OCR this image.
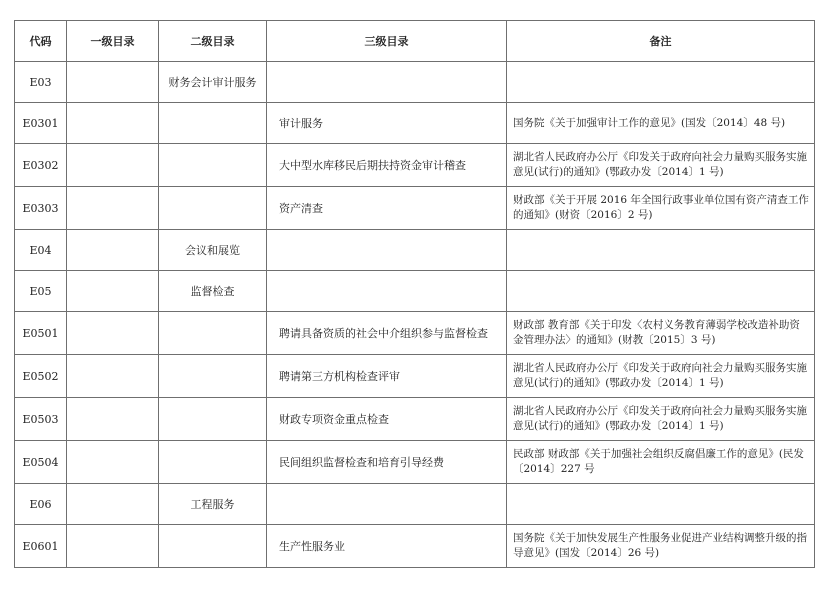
代码	一级目录	二级目录	三级目录	备注
E03		财务会计审计服务		
E0301			审计服务	国务院《关于加强审计工作的意见》(国发〔2014〕48 号)
E0302			大中型水库移民后期扶持资金审计稽查	湖北省人民政府办公厅《印发关于政府向社会力量购买服务实施意见(试行)的通知》(鄂政办发〔2014〕1 号)
E0303			资产清查	财政部《关于开展 2016 年全国行政事业单位国有资产清查工作的通知》(财资〔2016〕2 号)
E04		会议和展览		
E05		监督检查		
E0501			聘请具备资质的社会中介组织参与监督检查	财政部 教育部《关于印发〈农村义务教育薄弱学校改造补助资金管理办法〉的通知》(财教〔2015〕3 号)
E0502			聘请第三方机构检查评审	湖北省人民政府办公厅《印发关于政府向社会力量购买服务实施意见(试行)的通知》(鄂政办发〔2014〕1 号)
E0503			财政专项资金重点检查	湖北省人民政府办公厅《印发关于政府向社会力量购买服务实施意见(试行)的通知》(鄂政办发〔2014〕1 号)
E0504			民间组织监督检查和培育引导经费	民政部 财政部《关于加强社会组织反腐倡廉工作的意见》(民发〔2014〕227 号
E06		工程服务		
E0601			生产性服务业	国务院《关于加快发展生产性服务业促进产业结构调整升级的指导意见》(国发〔2014〕26 号)
